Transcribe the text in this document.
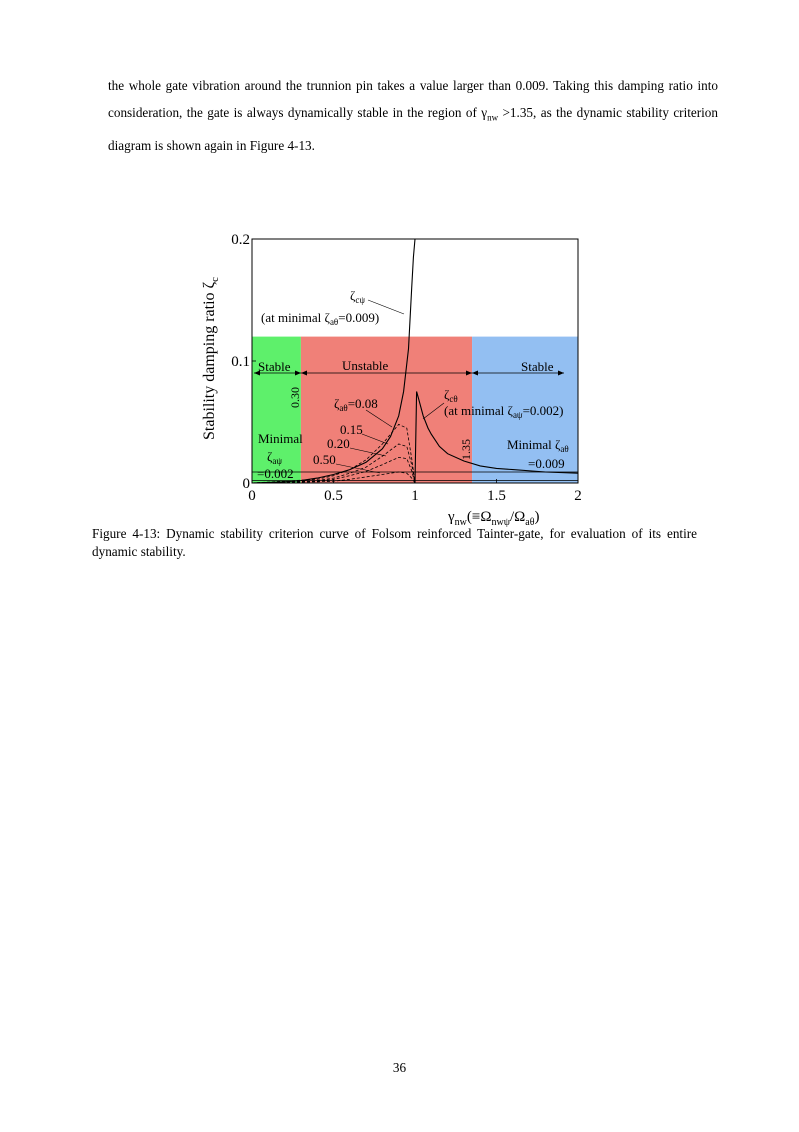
the whole gate vibration around the trunnion pin takes a value larger than 0.009. Taking this damping ratio into consideration, the gate is always dynamically stable in the region of $\gamma_{nw} >1.35$, as the dynamic stability criterion diagram is shown again in Figure 4-13.

0	0.5	1	1.5	2
0
0.1
0.2
Stable	Unstable	Stable
0.30
1.35
$\zeta_{c\psi}$
(at minimal $\zeta_{a\theta}=0.009$)
$\zeta_{c\theta}$
(at minimal $\zeta_{a\psi}=0.002$)
$\zeta_{a\theta}=0.08$
0.15
0.20
0.50
Minimal
$\zeta_{a\psi}$
=0.002
Minimal $\zeta_{a\theta}$
=0.009
Stability damping ratio $\zeta_c$
$\gamma_{nw}(\equiv\Omega_{nw\psi}/\Omega_{a\theta})$

Figure 4-13: Dynamic stability criterion curve of Folsom reinforced Tainter-gate, for evaluation of its entire dynamic stability.

36
